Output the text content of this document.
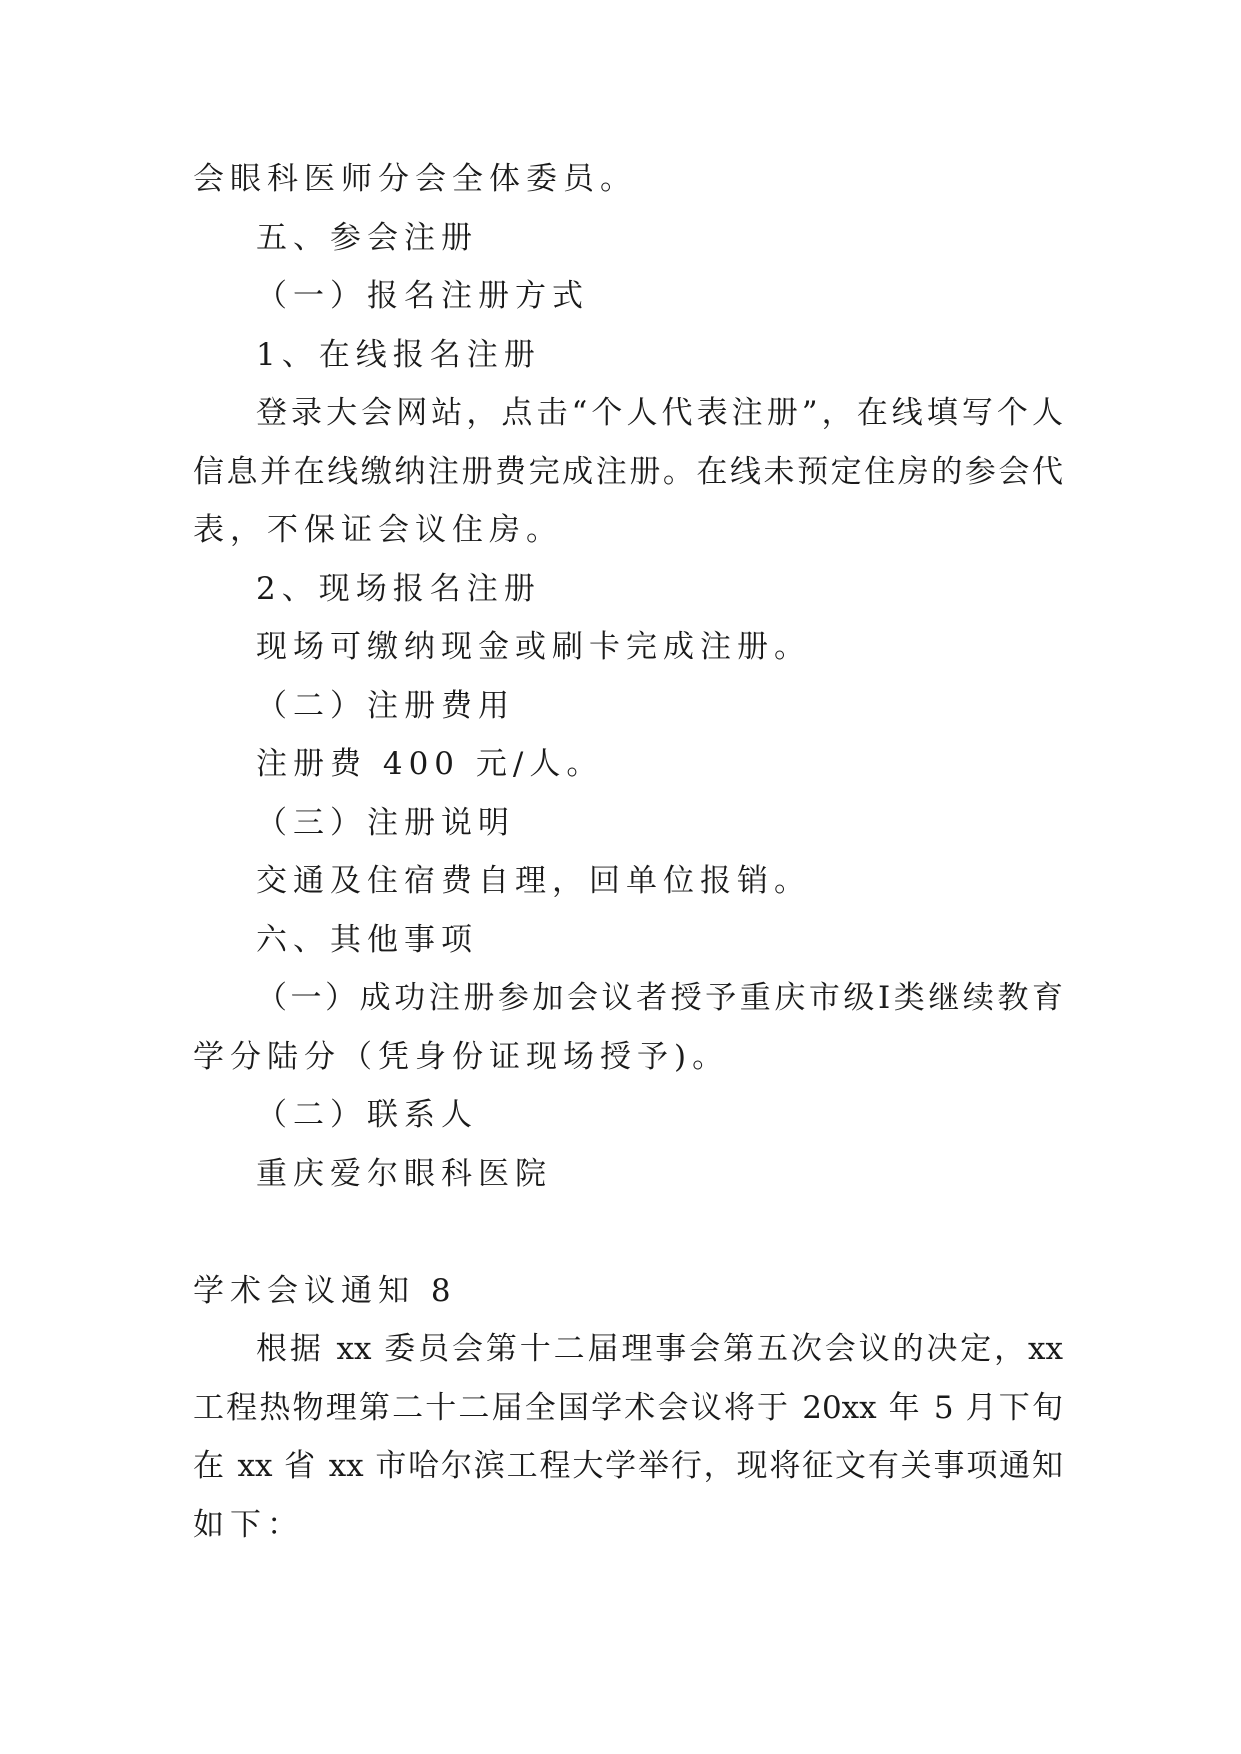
会眼科医师分会全体委员。
五、参会注册
（一）报名注册方式
1、在线报名注册
登录大会网站，点击“个人代表注册”，在线填写个人
信息并在线缴纳注册费完成注册。在线未预定住房的参会代
表，不保证会议住房。
2、现场报名注册
现场可缴纳现金或刷卡完成注册。
（二）注册费用
注册费 400 元/人。
（三）注册说明
交通及住宿费自理，回单位报销。
六、其他事项
（一）成功注册参加会议者授予重庆市级Ⅰ类继续教育
学分陆分（凭身份证现场授予)。
（二）联系人
重庆爱尔眼科医院
学术会议通知 8
根据 xx 委员会第十二届理事会第五次会议的决定，xx
工程热物理第二十二届全国学术会议将于 20xx 年 5 月下旬
在 xx 省 xx 市哈尔滨工程大学举行，现将征文有关事项通知
如下：
